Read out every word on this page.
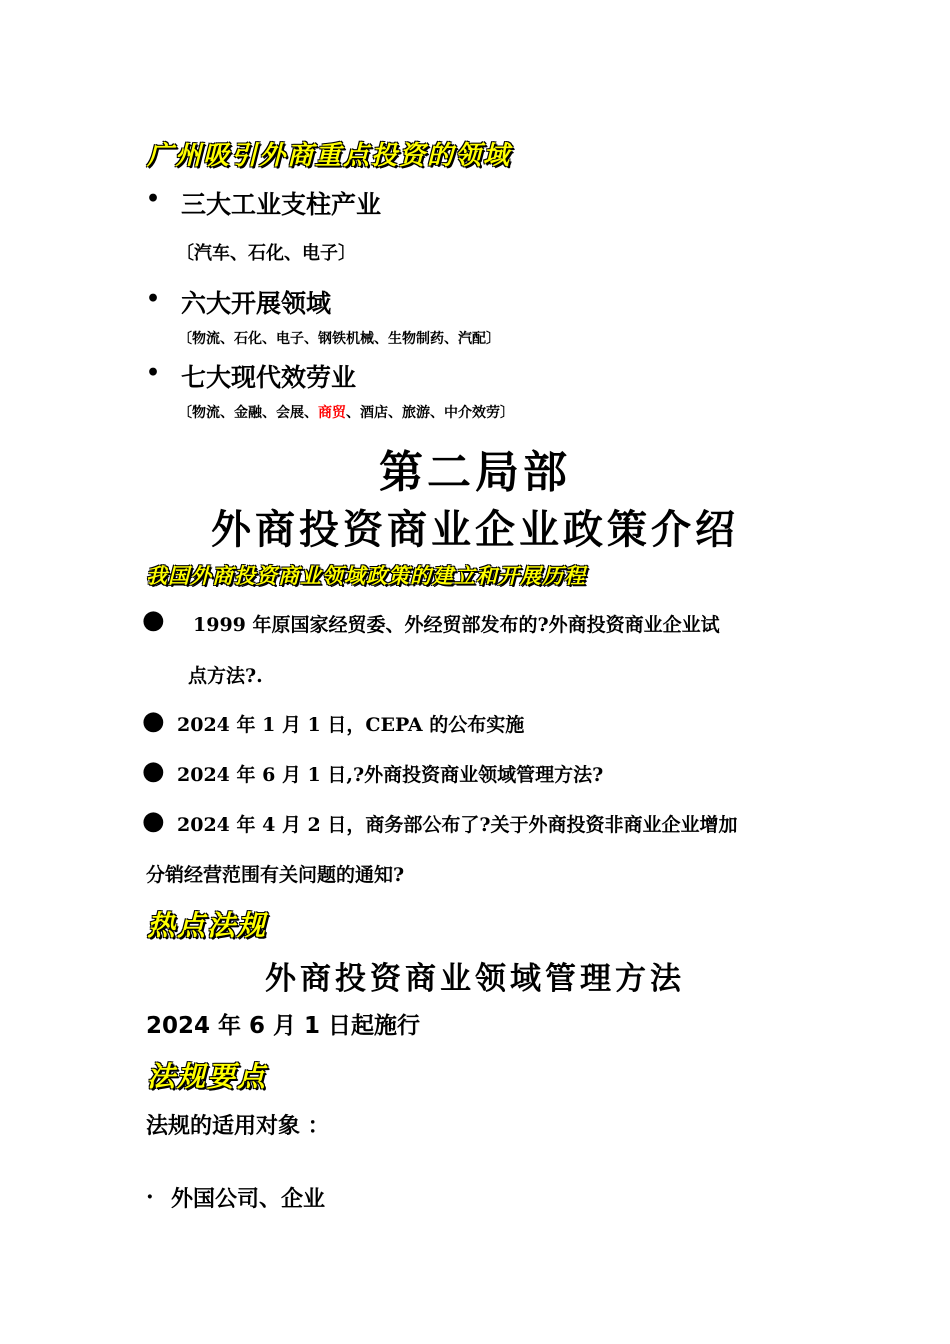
广州吸引外商重点投资的领域
• 三大工业支柱产业
〔汽车、石化、电子〕
• 六大开展领域
〔物流、石化、电子、钢铁机械、生物制药、汽配〕
• 七大现代效劳业
〔物流、金融、会展、商贸、酒店、旅游、中介效劳〕
第二局部
外商投资商业企业政策介绍
我国外商投资商业领域政策的建立和开展历程
● 1999 年原国家经贸委、外经贸部发布的?外商投资商业企业试
点方法?.
● 2024 年 1 月 1 日，CEPA 的公布实施
● 2024 年 6 月 1 日,?外商投资商业领域管理方法?
● 2024 年 4 月 2 日，商务部公布了?关于外商投资非商业企业增加
分销经营范围有关问题的通知?
热点法规
外商投资商业领域管理方法
2024 年 6 月 1 日起施行
法规要点
法规的适用对象 ：
· 外国公司、企业
